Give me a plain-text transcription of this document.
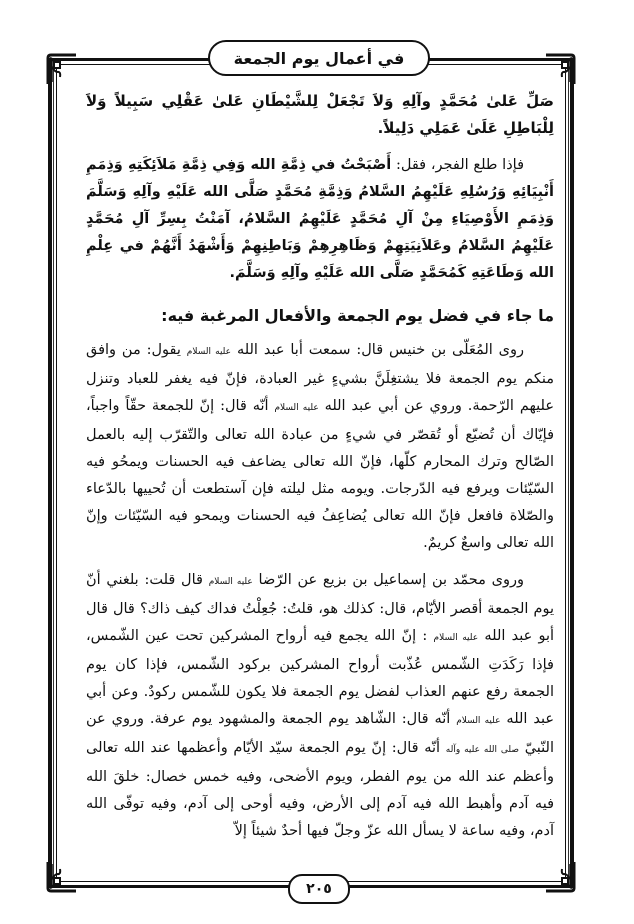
في أعمال يوم الجمعة

صَلِّ عَلىٰ مُحَمَّدٍ وآلِهِ وَلاَ تَجْعَلْ لِلشَّيْطَانِ عَلىٰ عَقْلِي سَبِيلاً وَلاَ لِلْبَاطِلِ عَلَىٰ عَمَلِي دَلِيلاً.

فإذا طلع الفجر، فقل: أَصْبَحْتُ في ذِمَّةِ الله وَفِي ذِمَّةِ مَلاَئِكَتِهِ وَذِمَمِ أَنْبِيَائِهِ وَرُسُلِهِ عَلَيْهِمُ السَّلامُ وَذِمَّةِ مُحَمَّدٍ صَلَّى الله عَلَيْهِ وآلِهِ وَسَلَّمَ وَذِمَمِ الأَوْصِيَاءِ مِنْ آلِ مُحَمَّدٍ عَلَيْهِمُ السَّلامُ، آمَنْتُ بِسِرِّ آلِ مُحَمَّدٍ عَلَيْهِمُ السَّلامُ وعَلاَنِيَتِهِمْ وَظَاهِرِهِمْ وَبَاطِنِهِمْ وَأَشْهَدُ أَنَّهُمْ في عِلْمِ الله وَطَاعَتِهِ كَمُحَمَّدٍ صَلَّى الله عَلَيْهِ وآلِهِ وَسَلَّمَ.

ما جاء في فضل يوم الجمعة والأفعال المرغبة فيه:

روى المُعَلّى بن خنيس قال: سمعت أبا عبد الله عليه السلام يقول: من وافق منكم يوم الجمعة فلا يشتغِلَنَّ بشيءٍ غير العبادة، فإنّ فيه يغفر للعباد وتنزل عليهم الرّحمة. وروي عن أبي عبد الله عليه السلام أنّه قال: إنّ للجمعة حقّاً واجباً، فإيّاك أن تُضيّع أو تُقصّر في شيءٍ من عبادة الله تعالى والتّقرّب إليه بالعمل الصّالح وترك المحارم كلّها، فإنّ الله تعالى يضاعف فيه الحسنات ويمحُو فيه السّيّئات ويرفع فيه الدّرجات. ويومه مثل ليلته فإن آستطعت أن تُحييها بالدّعاء والصّلاة فافعل فإنّ الله تعالى يُضاعِفُ فيه الحسنات ويمحو فيه السّيّئات وإنّ الله تعالى واسعٌ كريمٌ.

وروى محمّد بن إسماعيل بن بزيع عن الرّضا عليه السلام قال قلت: بلغني أنّ يوم الجمعة أقصر الأيّام، قال: كذلك هو، قلتُ: جُعِلْتُ فداك كيف ذاك؟ قال قال أبو عبد الله عليه السلام : إنّ الله يجمع فيه أرواح المشركين تحت عين الشّمس، فإذا رَكَدَتِ الشّمس عُذّبت أرواح المشركين بركود الشّمس، فإذا كان يوم الجمعة رفع عنهم العذاب لفضل يوم الجمعة فلا يكون للشّمس ركودٌ. وعن أبي عبد الله عليه السلام أنّه قال: الشّاهد يوم الجمعة والمشهود يوم عرفة. وروي عن النّبيّ صلى الله عليه وآله أنّه قال: إنّ يوم الجمعة سيّد الأيّام وأعظمها عند الله تعالى وأعظم عند الله من يوم الفطر، ويوم الأضحى، وفيه خمس خصال: خلقَ الله فيه آدم وأهبط الله فيه آدم إلى الأرض، وفيه أوحى إلى آدم، وفيه توفّى الله آدم، وفيه ساعة لا يسأل الله عزّ وجلّ فيها أحدٌ شيئاً إلاّ

٢٠٥
